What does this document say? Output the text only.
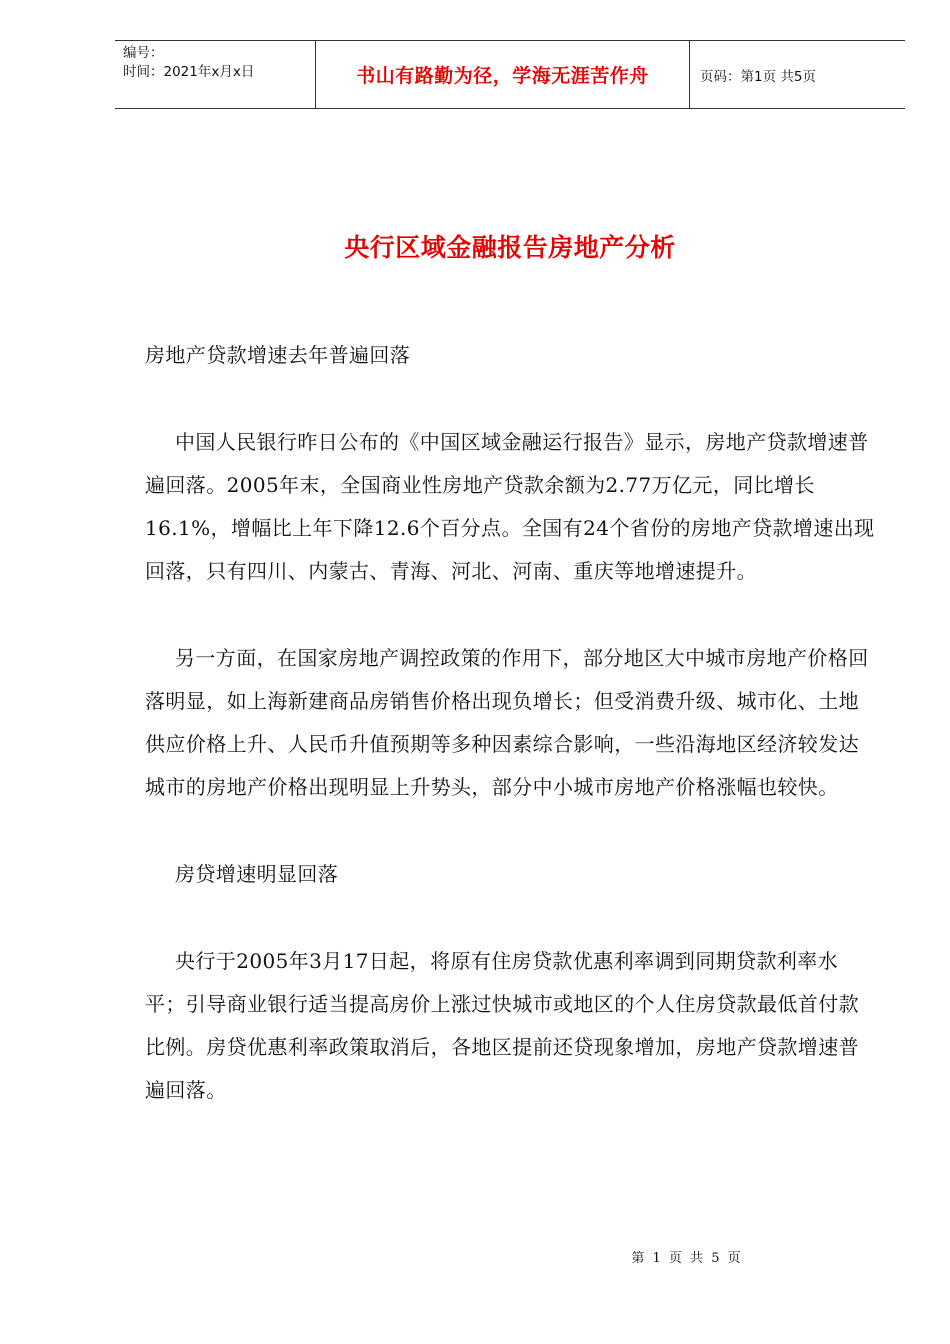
编号：
时间：2021年x月x日	书山有路勤为径，学海无涯苦作舟	页码：第1页 共5页
央行区域金融报告房地产分析

房地产贷款增速去年普遍回落

中国人民银行昨日公布的《中国区域金融运行报告》显示，房地产贷款增速普遍回落。2005年末，全国商业性房地产贷款余额为2.77万亿元，同比增长16.1%，增幅比上年下降12.6个百分点。全国有24个省份的房地产贷款增速出现回落，只有四川、内蒙古、青海、河北、河南、重庆等地增速提升。

另一方面，在国家房地产调控政策的作用下，部分地区大中城市房地产价格回落明显，如上海新建商品房销售价格出现负增长；但受消费升级、城市化、土地供应价格上升、人民币升值预期等多种因素综合影响，一些沿海地区经济较发达城市的房地产价格出现明显上升势头，部分中小城市房地产价格涨幅也较快。

房贷增速明显回落

央行于2005年3月17日起，将原有住房贷款优惠利率调到同期贷款利率水平；引导商业银行适当提高房价上涨过快城市或地区的个人住房贷款最低首付款比例。房贷优惠利率政策取消后，各地区提前还贷现象增加，房地产贷款增速普遍回落。

第 1 页 共 5 页
